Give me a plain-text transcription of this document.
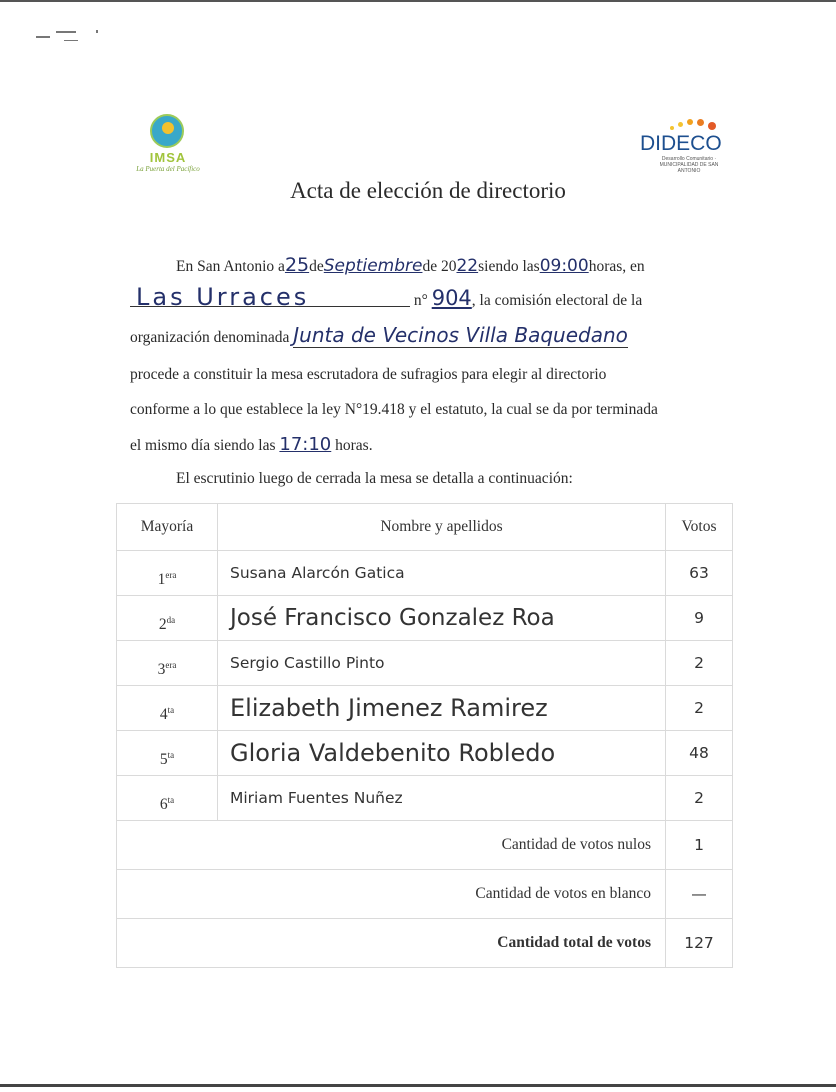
IMSA
La Puerta del Pacífico
DIDECO
Desarrollo Comunitario · MUNICIPALIDAD DE SAN ANTONIO
Acta de elección de directorio
En San Antonio a25deSeptiembrede 2022siendo las09:00horas, en
Las Urraces	n° 904, la comisión electoral de la
organización denominada Junta de Vecinos Villa Baquedano
procede a constituir la mesa escrutadora de sufragios para elegir al directorio
conforme a lo que establece la ley N°19.418 y el estatuto, la cual se da por terminada
el mismo día siendo las 17:10 horas.
El escrutinio luego de cerrada la mesa se detalla a continuación:
Mayoría	Nombre y apellidos	Votos
$1^{era}$	Susana Alarcón Gatica	63
$2^{da}$	José Francisco Gonzalez Roa	9
$3^{era}$	Sergio Castillo Pinto	2
$4^{ta}$	Elizabeth Jimenez Ramirez	2
$5^{ta}$	Gloria Valdebenito Robledo	48
$6^{ta}$	Miriam Fuentes Nuñez	2
Cantidad de votos nulos		1
Cantidad de votos en blanco		—
Cantidad total de votos		127
